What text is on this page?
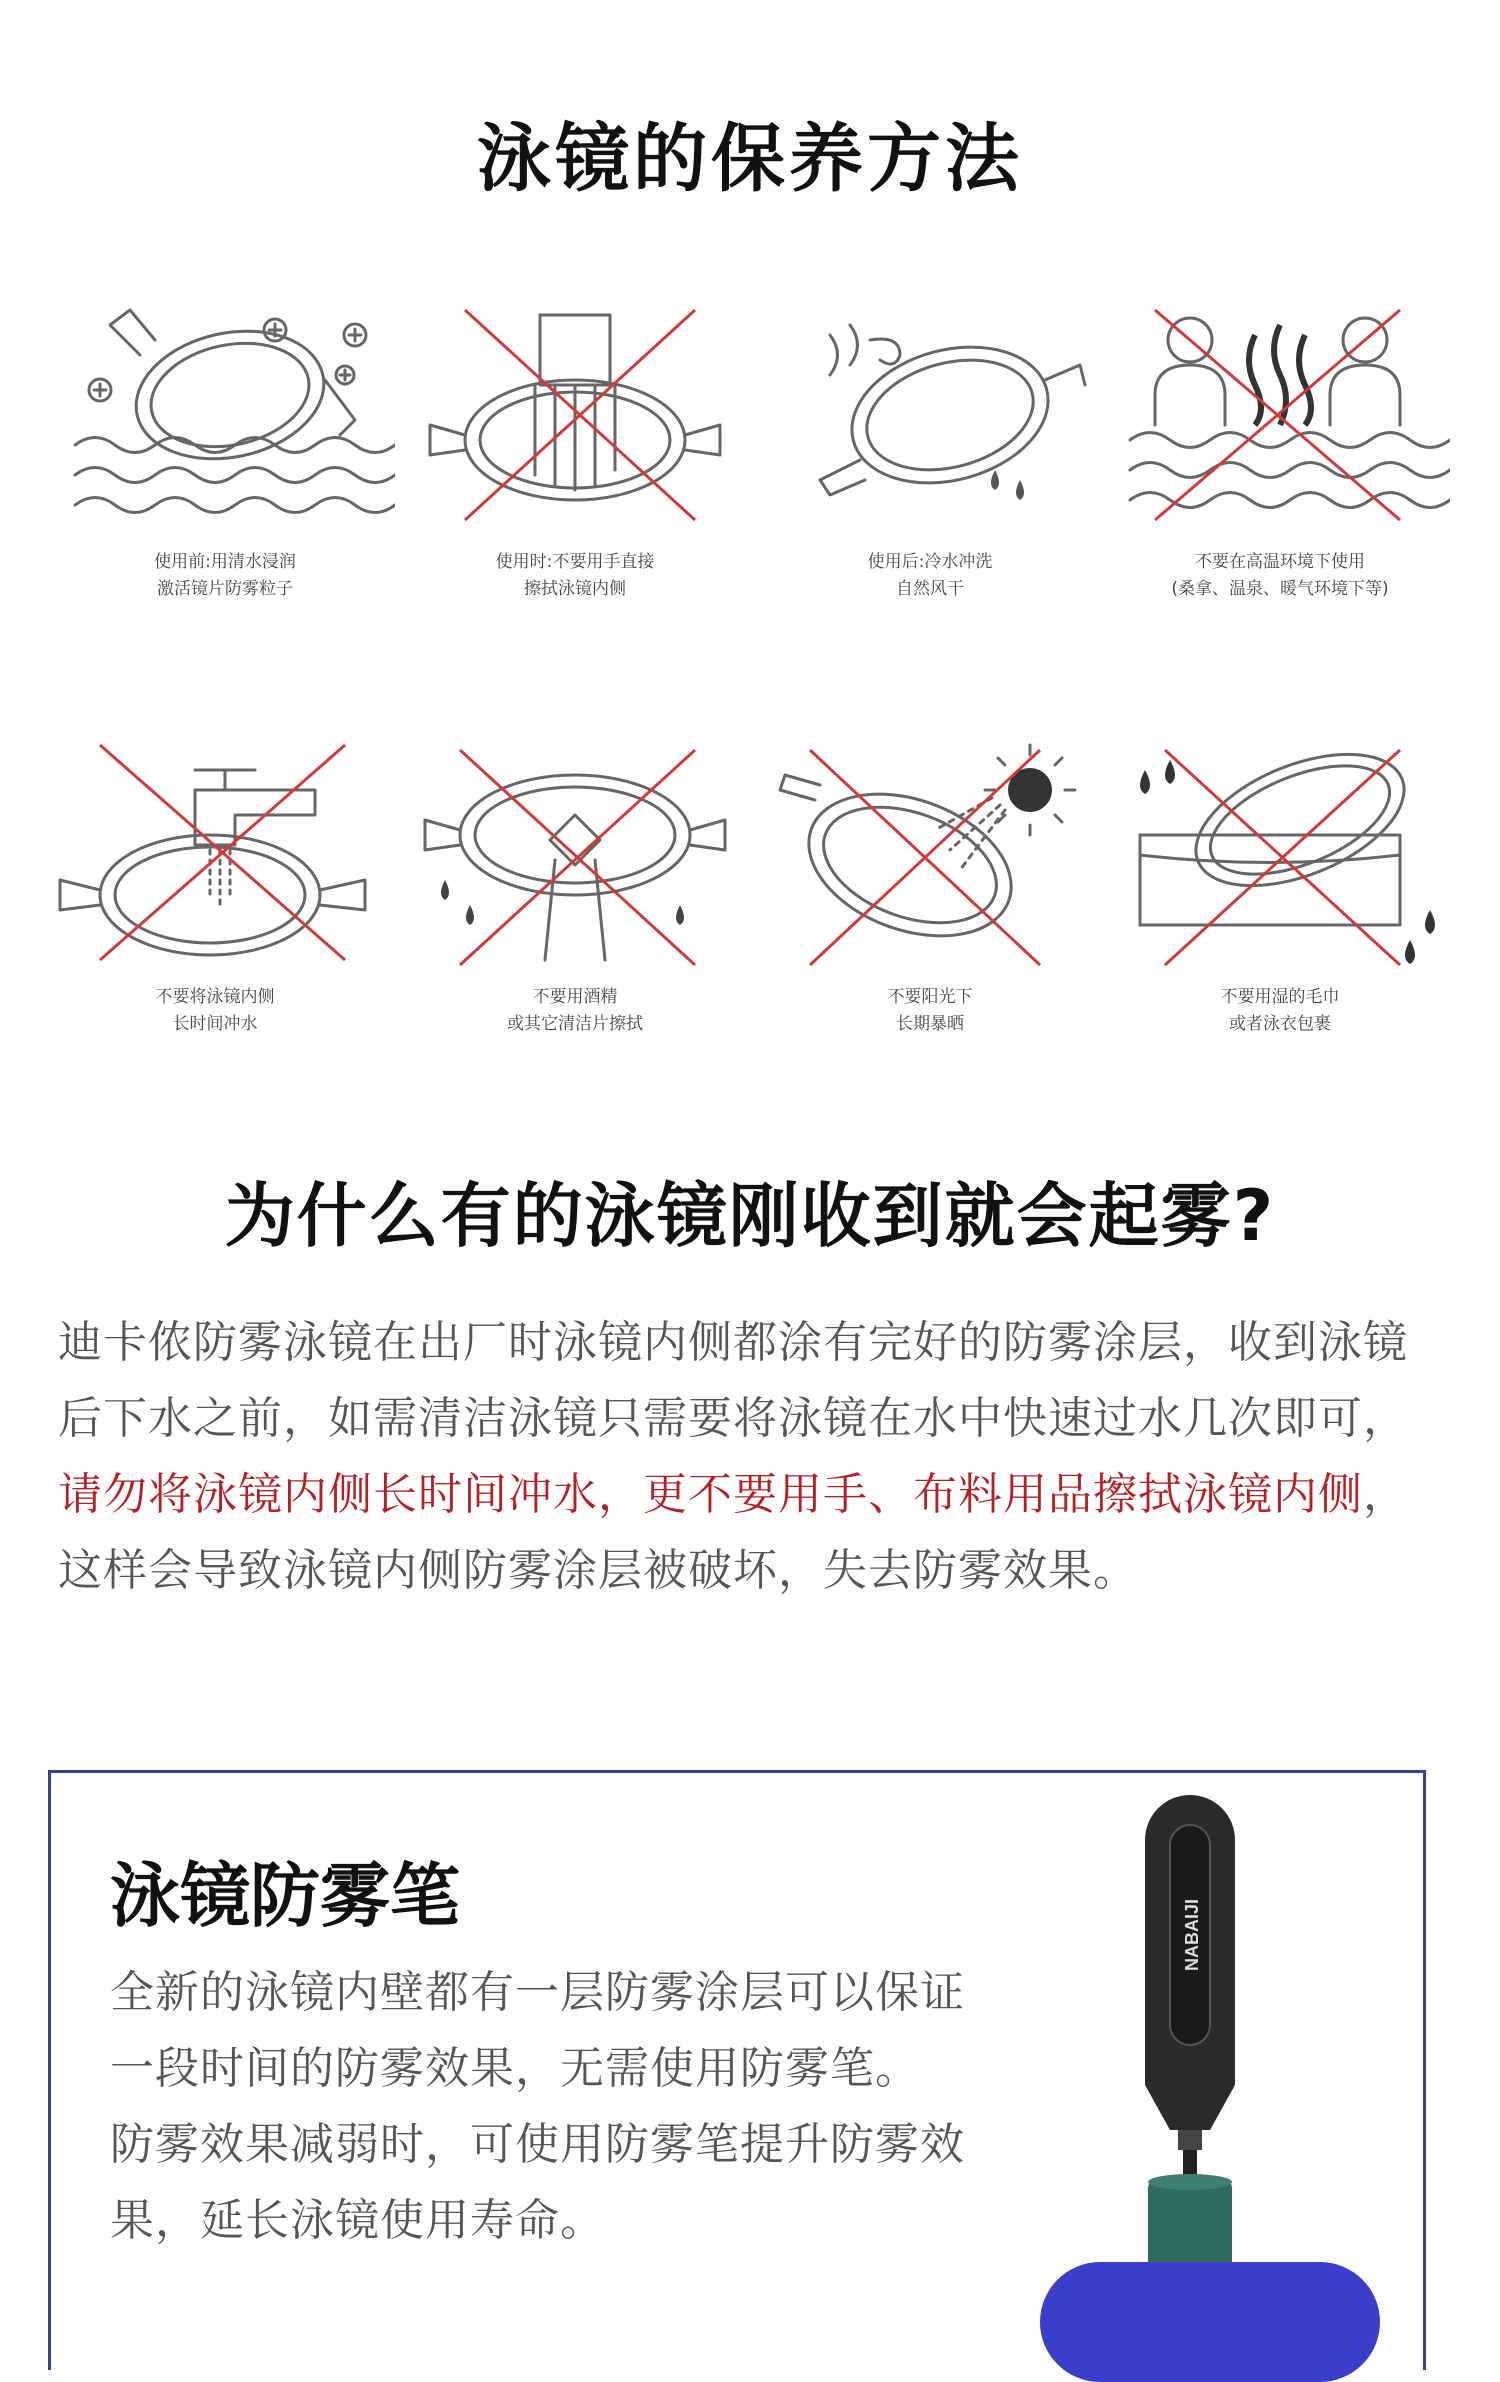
泳镜的保养方法
使用前:用清水浸润
激活镜片防雾粒子
使用时:不要用手直接
擦拭泳镜内侧
使用后:冷水冲洗
自然风干
不要在高温环境下使用
(桑拿、温泉、暖气环境下等)
不要将泳镜内侧
长时间冲水
不要用酒精
或其它清洁片擦拭
不要阳光下
长期暴晒
不要用湿的毛巾
或者泳衣包裹
为什么有的泳镜刚收到就会起雾?
迪卡侬防雾泳镜在出厂时泳镜内侧都涂有完好的防雾涂层，收到泳镜后下水之前，如需清洁泳镜只需要将泳镜在水中快速过水几次即可，请勿将泳镜内侧长时间冲水，更不要用手、布料用品擦拭泳镜内侧，这样会导致泳镜内侧防雾涂层被破坏，失去防雾效果。
泳镜防雾笔
全新的泳镜内壁都有一层防雾涂层可以保证
一段时间的防雾效果，无需使用防雾笔。
防雾效果减弱时，可使用防雾笔提升防雾效
果，延长泳镜使用寿命。
NABAIJI
